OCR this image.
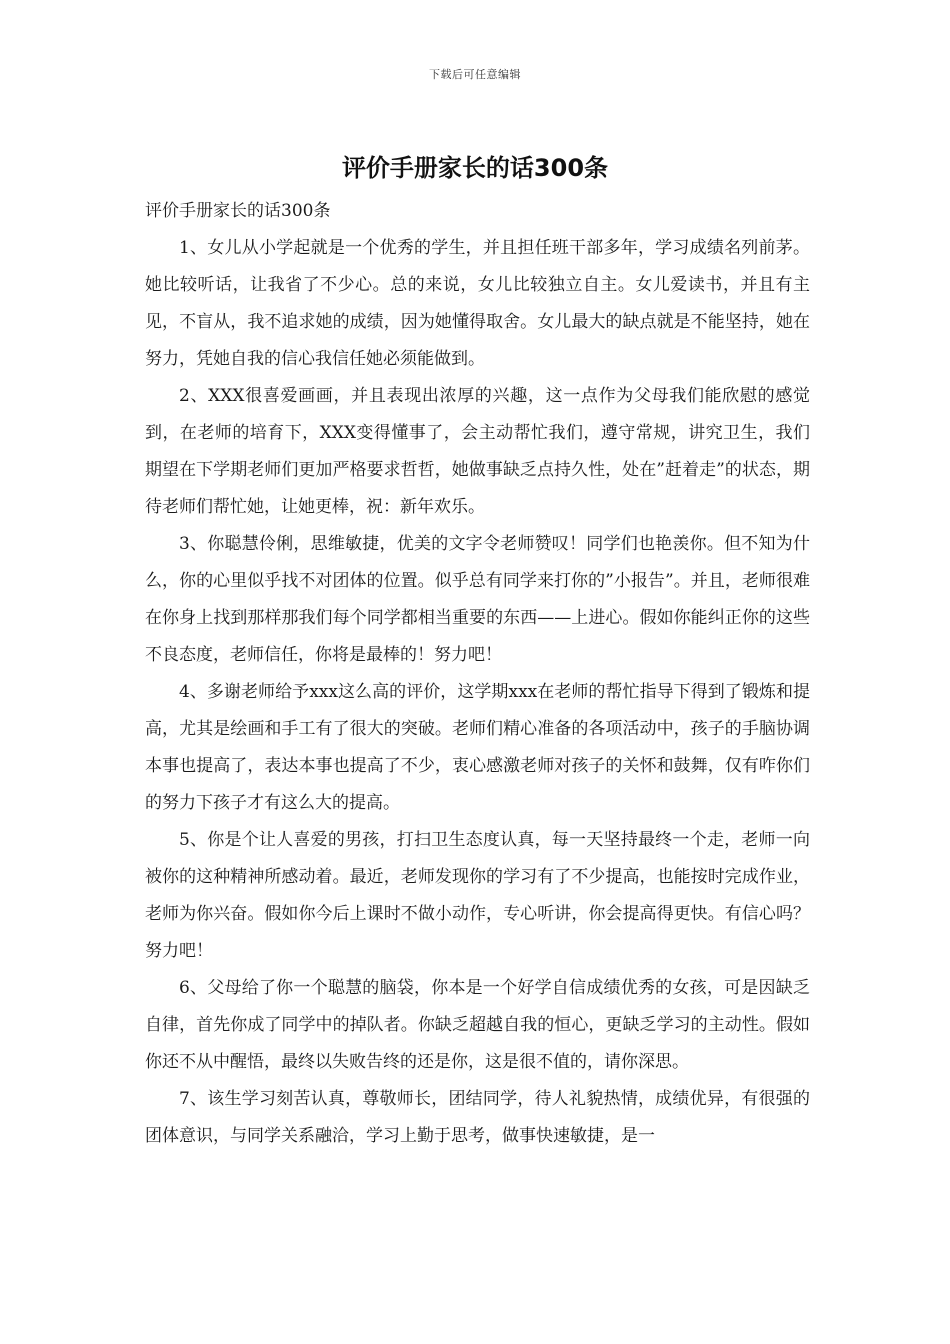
下载后可任意编辑
评价手册家长的话300条

评价手册家长的话300条

1、女儿从小学起就是一个优秀的学生，并且担任班干部多年，学习成绩名列前茅。她比较听话，让我省了不少心。总的来说，女儿比较独立自主。女儿爱读书，并且有主见，不盲从，我不追求她的成绩，因为她懂得取舍。女儿最大的缺点就是不能坚持，她在努力，凭她自我的信心我信任她必须能做到。

2、XXX很喜爱画画，并且表现出浓厚的兴趣，这一点作为父母我们能欣慰的感觉到，在老师的培育下，XXX变得懂事了，会主动帮忙我们，遵守常规，讲究卫生，我们期望在下学期老师们更加严格要求哲哲，她做事缺乏点持久性，处在”赶着走”的状态，期待老师们帮忙她，让她更棒，祝：新年欢乐。

3、你聪慧伶俐，思维敏捷，优美的文字令老师赞叹！同学们也艳羡你。但不知为什么，你的心里似乎找不对团体的位置。似乎总有同学来打你的”小报告”。并且，老师很难在你身上找到那样那我们每个同学都相当重要的东西——上进心。假如你能纠正你的这些不良态度，老师信任，你将是最棒的！努力吧！

4、多谢老师给予xxx这么高的评价，这学期xxx在老师的帮忙指导下得到了锻炼和提高，尤其是绘画和手工有了很大的突破。老师们精心准备的各项活动中，孩子的手脑协调本事也提高了，表达本事也提高了不少，衷心感激老师对孩子的关怀和鼓舞，仅有咋你们的努力下孩子才有这么大的提高。

5、你是个让人喜爱的男孩，打扫卫生态度认真，每一天坚持最终一个走，老师一向被你的这种精神所感动着。最近，老师发现你的学习有了不少提高，也能按时完成作业，老师为你兴奋。假如你今后上课时不做小动作，专心听讲，你会提高得更快。有信心吗？努力吧！

6、父母给了你一个聪慧的脑袋，你本是一个好学自信成绩优秀的女孩，可是因缺乏自律，首先你成了同学中的掉队者。你缺乏超越自我的恒心，更缺乏学习的主动性。假如你还不从中醒悟，最终以失败告终的还是你，这是很不值的，请你深思。

7、该生学习刻苦认真，尊敬师长，团结同学，待人礼貌热情，成绩优异，有很强的团体意识，与同学关系融洽，学习上勤于思考，做事快速敏捷，是一
